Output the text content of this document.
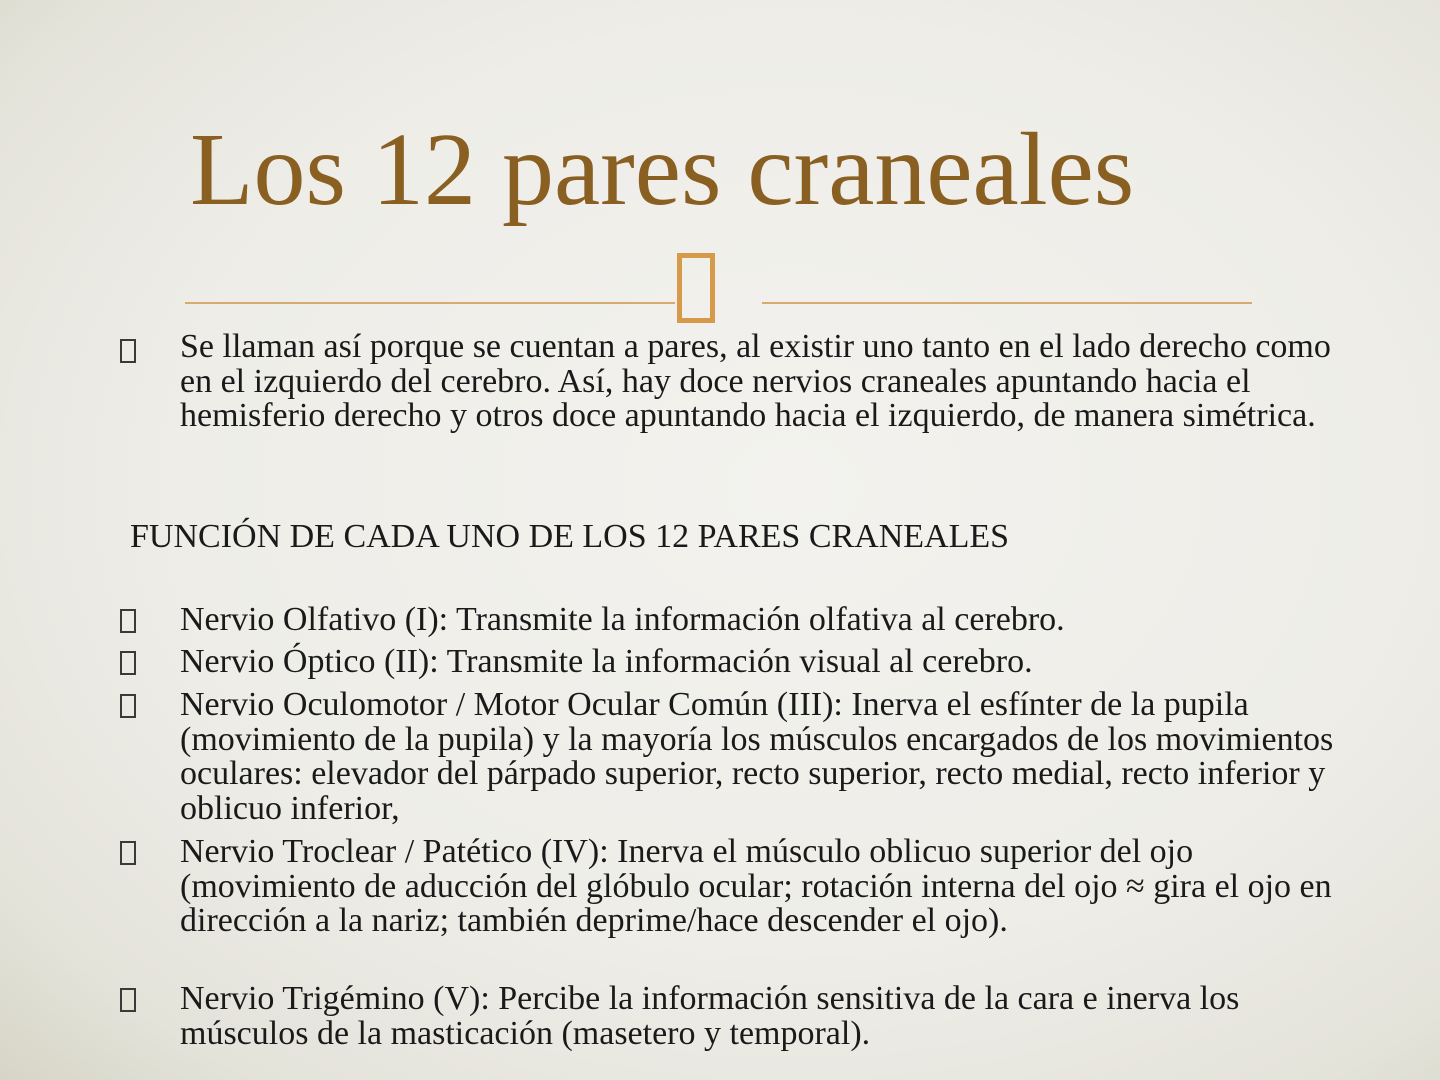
Los 12 pares craneales

Se llaman así porque se cuentan a pares, al existir uno tanto en el lado derecho como en el izquierdo del cerebro. Así, hay doce nervios craneales apuntando hacia el hemisferio derecho y otros doce apuntando hacia el izquierdo, de manera simétrica.

FUNCIÓN DE CADA UNO DE LOS 12 PARES CRANEALES

Nervio Olfativo (I): Transmite la información olfativa al cerebro.

Nervio Óptico (II): Transmite la información visual al cerebro.

Nervio Oculomotor / Motor Ocular Común (III): Inerva el esfínter de la pupila (movimiento de la pupila) y la mayoría los músculos encargados de los movimientos oculares: elevador del párpado superior, recto superior, recto medial, recto inferior y oblicuo inferior,

Nervio Troclear / Patético (IV): Inerva el músculo oblicuo superior del ojo (movimiento de aducción del glóbulo ocular; rotación interna del ojo ≈ gira el ojo en dirección a la nariz; también deprime/hace descender el ojo).

Nervio Trigémino (V): Percibe la información sensitiva de la cara e inerva los músculos de la masticación (masetero y temporal).
